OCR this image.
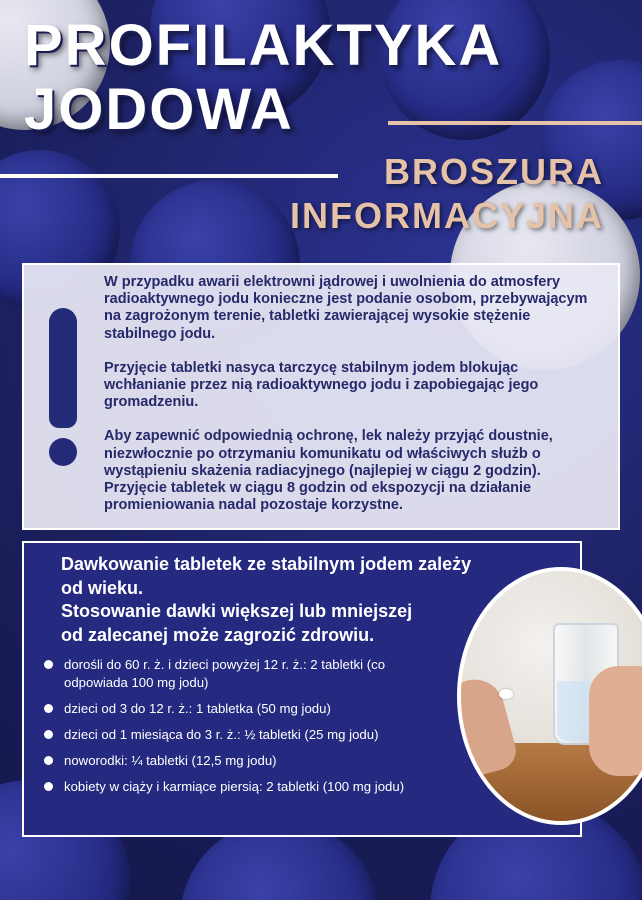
PROFILAKTYKA
JODOWA
BROSZURA
INFORMACYJNA

W przypadku awarii elektrowni jądrowej i uwolnienia do atmosfery radioaktywnego jodu konieczne jest podanie osobom, przebywającym na zagrożonym terenie, tabletki zawierającej wysokie stężenie stabilnego jodu.

Przyjęcie tabletki nasyca tarczycę stabilnym jodem blokując wchłanianie przez nią radioaktywnego jodu i zapobiegając jego gromadzeniu.

Aby zapewnić odpowiednią ochronę, lek należy przyjąć doustnie, niezwłocznie po otrzymaniu komunikatu od właściwych służb o wystąpieniu skażenia radiacyjnego (najlepiej w ciągu 2 godzin). Przyjęcie tabletek w ciągu 8 godzin od ekspozycji na działanie promieniowania nadal pozostaje korzystne.

Dawkowanie tabletek ze stabilnym jodem zależy
od wieku.
Stosowanie dawki większej lub mniejszej
od zalecanej może zagrozić zdrowiu.
dorośli do 60 r. ż. i dzieci powyżej 12 r. ż.: 2 tabletki (co odpowiada 100 mg jodu)
dzieci od 3 do 12 r. ż.: 1 tabletka (50 mg jodu)
dzieci od 1 miesiąca do 3 r. ż.: ½ tabletki (25 mg jodu)
noworodki: ¼ tabletki (12,5 mg jodu)
kobiety w ciąży i karmiące piersią: 2 tabletki (100 mg jodu)
